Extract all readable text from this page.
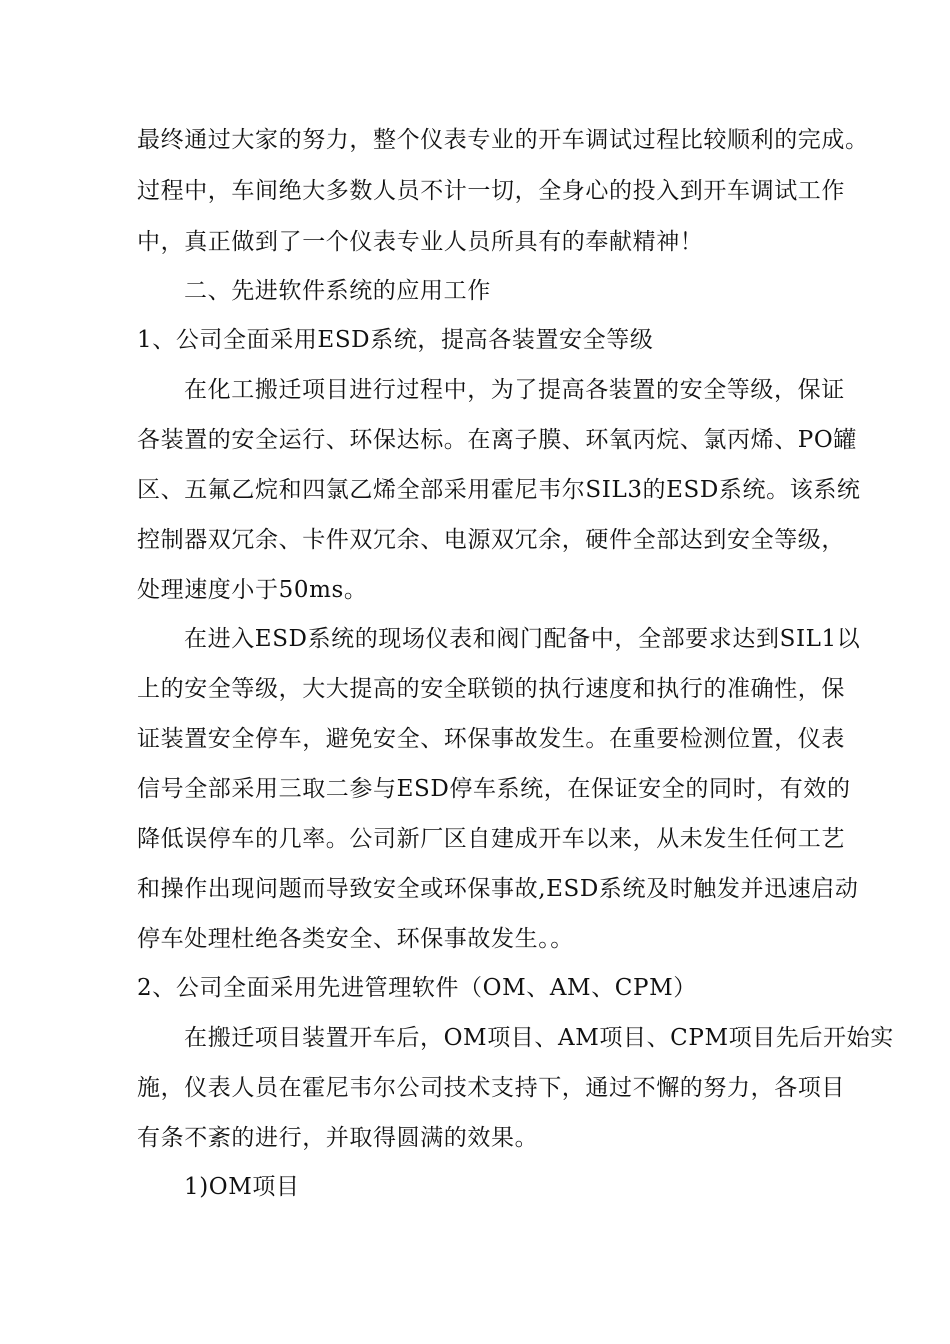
最终通过大家的努力，整个仪表专业的开车调试过程比较顺利的完成。
过程中，车间绝大多数人员不计一切，全身心的投入到开车调试工作
中，真正做到了一个仪表专业人员所具有的奉献精神！
二、先进软件系统的应用工作
1、公司全面采用ESD系统，提高各装置安全等级
在化工搬迁项目进行过程中，为了提高各装置的安全等级，保证
各装置的安全运行、环保达标。在离子膜、环氧丙烷、氯丙烯、PO罐
区、五氟乙烷和四氯乙烯全部采用霍尼韦尔SIL3的ESD系统。该系统
控制器双冗余、卡件双冗余、电源双冗余，硬件全部达到安全等级，
处理速度小于50ms。
在进入ESD系统的现场仪表和阀门配备中，全部要求达到SIL1以
上的安全等级，大大提高的安全联锁的执行速度和执行的准确性，保
证装置安全停车，避免安全、环保事故发生。在重要检测位置，仪表
信号全部采用三取二参与ESD停车系统，在保证安全的同时，有效的
降低误停车的几率。公司新厂区自建成开车以来，从未发生任何工艺
和操作出现问题而导致安全或环保事故,ESD系统及时触发并迅速启动
停车处理杜绝各类安全、环保事故发生。。
2、公司全面采用先进管理软件（OM、AM、CPM）
在搬迁项目装置开车后，OM项目、AM项目、CPM项目先后开始实
施，仪表人员在霍尼韦尔公司技术支持下，通过不懈的努力，各项目
有条不紊的进行，并取得圆满的效果。
1)OM项目
